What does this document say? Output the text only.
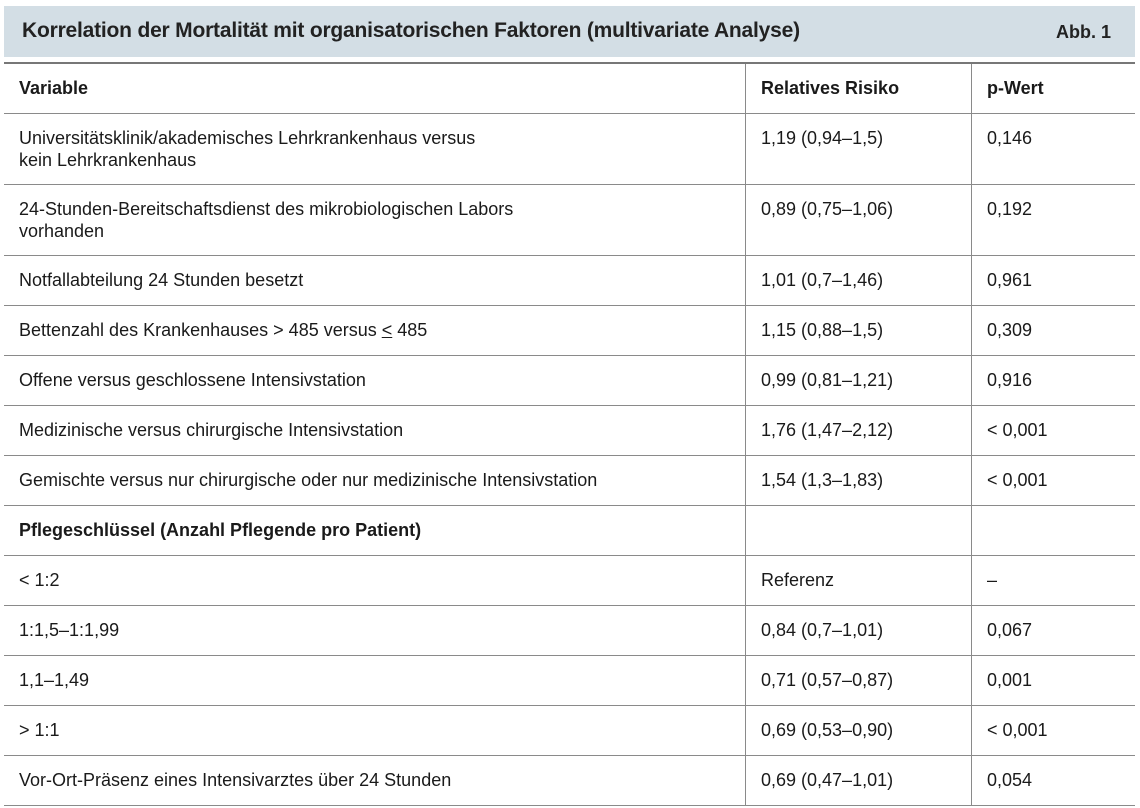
Korrelation der Mortalität mit organisatorischen Faktoren (multivariate Analyse)	Abb. 1
Variable	Relatives Risiko	p-Wert
Universitätsklinik/akademisches Lehrkrankenhaus versus
kein Lehrkrankenhaus	1,19 (0,94–1,5)	0,146
24-Stunden-Bereitschaftsdienst des mikrobiologischen Labors
vorhanden	0,89 (0,75–1,06)	0,192
Notfallabteilung 24 Stunden besetzt	1,01 (0,7–1,46)	0,961
Bettenzahl des Krankenhauses > 485 versus ≤ 485	1,15 (0,88–1,5)	0,309
Offene versus geschlossene Intensivstation	0,99 (0,81–1,21)	0,916
Medizinische versus chirurgische Intensivstation	1,76 (1,47–2,12)	< 0,001
Gemischte versus nur chirurgische oder nur medizinische Intensivstation	1,54 (1,3–1,83)	< 0,001
Pflegeschlüssel (Anzahl Pflegende pro Patient)		
< 1:2	Referenz	–
1:1,5–1:1,99	0,84 (0,7–1,01)	0,067
1,1–1,49	0,71 (0,57–0,87)	0,001
> 1:1	0,69 (0,53–0,90)	< 0,001
Vor-Ort-Präsenz eines Intensivarztes über 24 Stunden	0,69 (0,47–1,01)	0,054
